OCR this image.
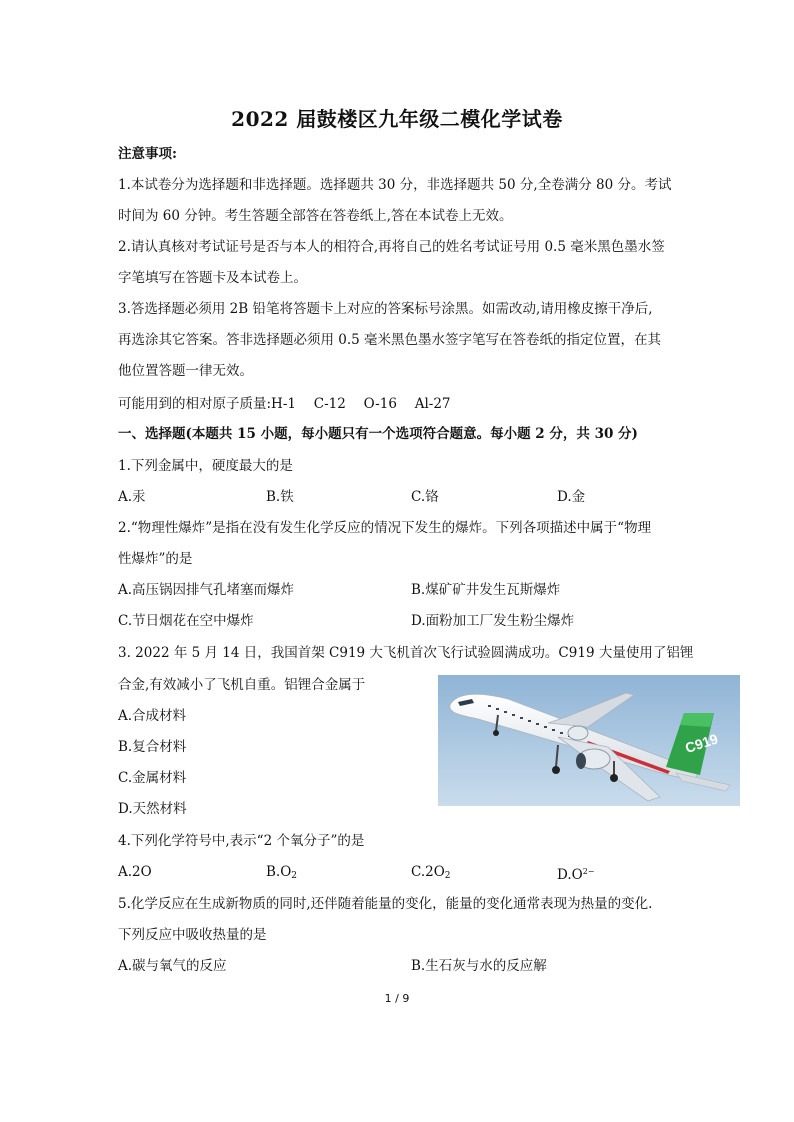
2022 届鼓楼区九年级二模化学试卷
注意事项:
1.本试卷分为选择题和非选择题。选择题共 30 分，非选择题共 50 分,全卷满分 80 分。考试
时间为 60 分钟。考生答题全部答在答卷纸上,答在本试卷上无效。
2.请认真核对考试证号是否与本人的相符合,再将自己的姓名考试证号用 0.5 毫米黑色墨水签
字笔填写在答题卡及本试卷上。
3.答选择题必须用 2B 铅笔将答题卡上对应的答案标号涂黑。如需改动,请用橡皮擦干净后,
再选涂其它答案。答非选择题必须用 0.5 毫米黑色墨水签字笔写在答卷纸的指定位置，在其
他位置答题一律无效。
可能用到的相对原子质量:H-1　 C-12　 O-16　 Al-27
一、选择题(本题共 15 小题，每小题只有一个选项符合题意。每小题 2 分，共 30 分)
1.下列金属中，硬度最大的是
A.汞	B.铁	C.铬	D.金
2.“物理性爆炸”是指在没有发生化学反应的情况下发生的爆炸。下列各项描述中属于“物理
性爆炸”的是
A.高压锅因排气孔堵塞而爆炸	B.煤矿矿井发生瓦斯爆炸
C.节日烟花在空中爆炸	D.面粉加工厂发生粉尘爆炸
3. 2022 年 5 月 14 日，我国首架 C919 大飞机首次飞行试验圆满成功。C919 大量使用了铝锂
合金,有效减小了飞机自重。铝锂合金属于
A.合成材料
B.复合材料
C.金属材料
D.天然材料
C919
4.下列化学符号中,表示“2 个氧分子”的是
A.2O	$B.O_2$	$C.2O_2$	$D.O^{2-}$
5.化学反应在生成新物质的同时,还伴随着能量的变化，能量的变化通常表现为热量的变化.
下列反应中吸收热量的是
A.碳与氧气的反应	B.生石灰与水的反应解
1 / 9
